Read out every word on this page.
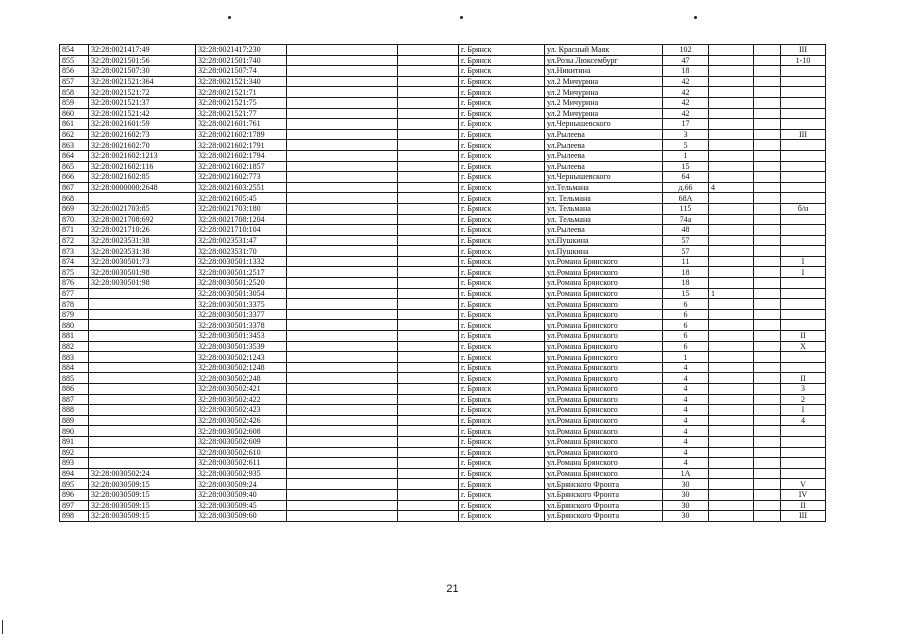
854	32:28:0021417:49	32:28:0021417:230			г. Брянск	ул. Красный Маяк	102			III
855	32:28:0021501:56	32:28:0021501:740			г. Брянск	ул.Розы Люксембург	47			1-10
856	32:28:0021507:30	32:28:0021507:74			г. Брянск	ул.Никитина	18			
857	32:28:0021521:364	32:28:0021521:340			г. Брянск	ул.2 Мичурина	42			
858	32:28:0021521:72	32:28:0021521:71			г. Брянск	ул.2 Мичурина	42			
859	32:28:0021521:37	32:28:0021521:75			г. Брянск	ул.2 Мичурина	42			
860	32:28:0021521:42	32:28:0021521:77			г. Брянск	ул.2 Мичурина	42			
861	32:28:0021601:59	32:28:0021601:761			г. Брянск	ул.Чернышевского	17			
862	32:28:0021602:73	32:28:0021602:1789			г. Брянск	ул.Рылеева	3			III
863	32:28:0021602:70	32:28:0021602:1791			г. Брянск	ул.Рылеева	5			
864	32:28:0021602:1213	32:28:0021602:1794			г. Брянск	ул.Рылеева	1			
865	32:28:0021602:116	32:28:0021602:1857			г. Брянск	ул.Рылеева	15			
866	32:28:0021602:85	32:28:0021602:773			г. Брянск	ул.Чернышевского	64			
867	32:28:0000000:2648	32:28:0021603:2551			г. Брянск	ул.Тельмана	д.66	4		
868		32:28:0021605:45			г. Брянск	ул. Тельмана	68А			
869	32:28:0021703:85	32:28:0021703:180			г. Брянск	ул. Тельмана	115			б/н
870	32:28:0021708:692	32:28:0021708:1204			г. Брянск	ул. Тельмана	74а			
871	32:28:0021710:26	32:28:0021710:104			г. Брянск	ул.Рылеева	48			
872	32:28:0023531:38	32:28:0023531:47			г. Брянск	ул.Пушкина	57			
873	32:28:0023531:38	32:28:0023531:70			г. Брянск	ул.Пушкина	57			
874	32:28:0030501:73	32:28:0030501:1332			г. Брянск	ул.Романа Брянского	11			I
875	32:28:0030501:98	32:28:0030501:2517			г. Брянск	ул.Романа Брянского	18			I
876	32:28:0030501:98	32:28:0030501:2520			г. Брянск	ул.Романа Брянского	18			
877		32:28:0030501:3054			г. Брянск	ул.Романа Брянского	15	1		
878		32:28:0030501:3375			г. Брянск	ул.Романа Брянского	6			
879		32:28:0030501:3377			г. Брянск	ул.Романа Брянского	6			
880		32:28:0030501:3378			г. Брянск	ул.Романа Брянского	6			
881		32:28:0030501:3453			г. Брянск	ул.Романа Брянского	6			II
882		32:28:0030501:3539			г. Брянск	ул.Романа Брянского	6			X
883		32:28:0030502:1243			г. Брянск	ул.Романа Брянского	1			
884		32:28:0030502:1248			г. Брянск	ул.Романа Брянского	4			
885		32:28:0030502:248			г. Брянск	ул.Романа Брянского	4			II
886		32:28:0030502:421			г. Брянск	ул.Романа Брянского	4			3
887		32:28:0030502:422			г. Брянск	ул.Романа Брянского	4			2
888		32:28:0030502:423			г. Брянск	ул.Романа Брянского	4			I
889		32:28:0030502:426			г. Брянск	ул.Романа Брянского	4			4
890		32:28:0030502:608			г. Брянск	ул.Романа Брянского	4			
891		32:28:0030502:609			г. Брянск	ул.Романа Брянского	4			
892		32:28:0030502:610			г. Брянск	ул.Романа Брянского	4			
893		32:28:0030502:611			г. Брянск	ул.Романа Брянского	4			
894	32:28:0030502:24	32:28:0030502:935			г. Брянск	ул.Романа Брянского	1А			
895	32:28:0030509:15	32:28:0030509:24			г. Брянск	ул.Брянского Фронта	30			V
896	32:28:0030509:15	32:28:0030509:40			г. Брянск	ул.Брянского Фронта	30			IV
897	32:28:0030509:15	32:28:0030509:45			г. Брянск	ул.Брянского Фронта	30			II
898	32:28:0030509:15	32:28:0030509:60			г. Брянск	ул.Брянского Фронта	30			III
21
